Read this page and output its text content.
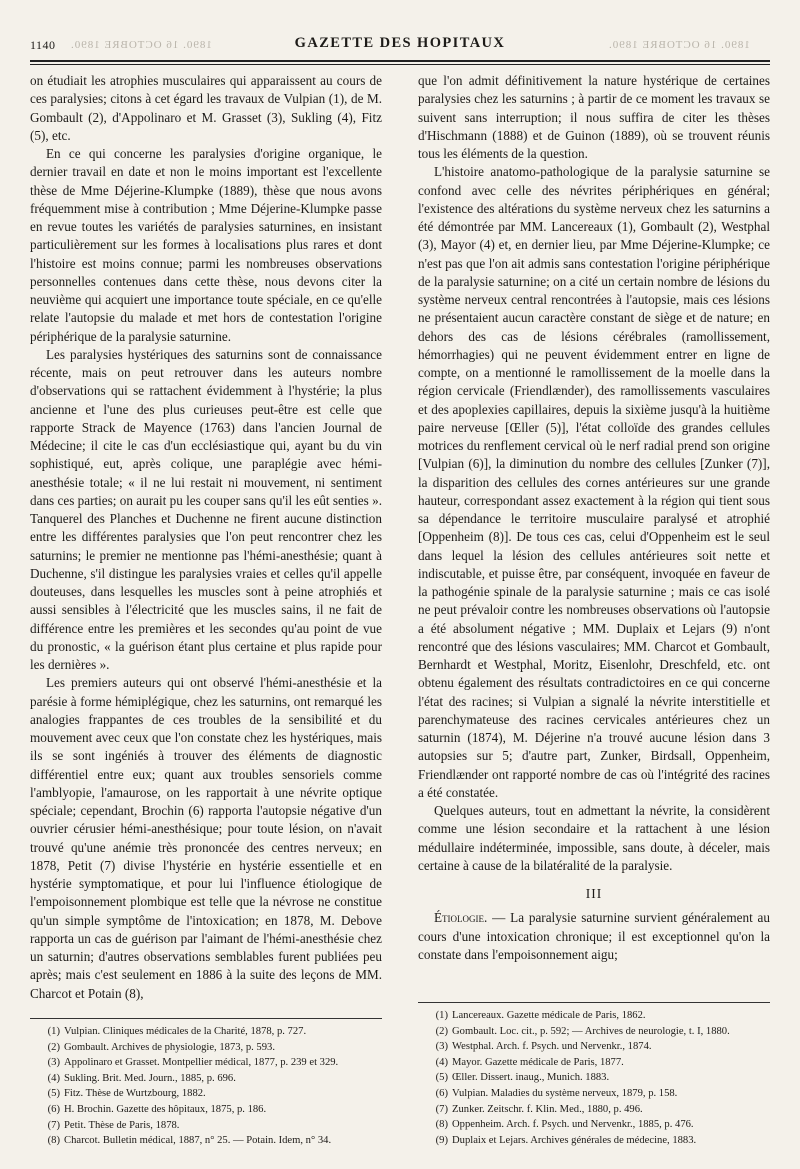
1140 1890. 16 OCTOBRE 1890.	GAZETTE DES HOPITAUX	1890. 16 OCTOBRE 1890.

on étudiait les atrophies musculaires qui apparaissent au cours de ces paralysies; citons à cet égard les travaux de Vulpian (1), de M. Gombault (2), d'Appolinaro et M. Grasset (3), Sukling (4), Fitz (5), etc.

En ce qui concerne les paralysies d'origine organique, le dernier travail en date et non le moins important est l'excellente thèse de Mme Déjerine-Klumpke (1889), thèse que nous avons fréquemment mise à contribution ; Mme Déjerine-Klumpke passe en revue toutes les variétés de paralysies saturnines, en insistant particulièrement sur les formes à localisations plus rares et dont l'histoire est moins connue; parmi les nombreuses observations personnelles contenues dans cette thèse, nous devons citer la neuvième qui acquiert une importance toute spéciale, en ce qu'elle relate l'autopsie du malade et met hors de contestation l'origine périphérique de la paralysie saturnine.

Les paralysies hystériques des saturnins sont de connaissance récente, mais on peut retrouver dans les auteurs nombre d'observations qui se rattachent évidemment à l'hystérie; la plus ancienne et l'une des plus curieuses peut-être est celle que rapporte Strack de Mayence (1763) dans l'ancien Journal de Médecine; il cite le cas d'un ecclésiastique qui, ayant bu du vin sophistiqué, eut, après colique, une paraplégie avec hémi-anesthésie totale; « il ne lui restait ni mouvement, ni sentiment dans ces parties; on aurait pu les couper sans qu'il les eût senties ». Tanquerel des Planches et Duchenne ne firent aucune distinction entre les différentes paralysies que l'on peut rencontrer chez les saturnins; le premier ne mentionne pas l'hémi-anesthésie; quant à Duchenne, s'il distingue les paralysies vraies et celles qu'il appelle douteuses, dans lesquelles les muscles sont à peine atrophiés et aussi sensibles à l'électricité que les muscles sains, il ne fait de différence entre les premières et les secondes qu'au point de vue du pronostic, « la guérison étant plus certaine et plus rapide pour les dernières ».

Les premiers auteurs qui ont observé l'hémi-anesthésie et la parésie à forme hémiplégique, chez les saturnins, ont remarqué les analogies frappantes de ces troubles de la sensibilité et du mouvement avec ceux que l'on constate chez les hystériques, mais ils se sont ingéniés à trouver des éléments de diagnostic différentiel entre eux; quant aux troubles sensoriels comme l'amblyopie, l'amaurose, on les rapportait à une névrite optique spéciale; cependant, Brochin (6) rapporta l'autopsie négative d'un ouvrier cérusier hémi-anesthésique; pour toute lésion, on n'avait trouvé qu'une anémie très prononcée des centres nerveux; en 1878, Petit (7) divise l'hystérie en hystérie essentielle et en hystérie symptomatique, et pour lui l'influence étiologique de l'empoisonnement plombique est telle que la névrose ne constitue qu'un simple symptôme de l'intoxication; en 1878, M. Debove rapporta un cas de guérison par l'aimant de l'hémi-anesthésie chez un saturnin; d'autres observations semblables furent publiées peu après; mais c'est seulement en 1886 à la suite des leçons de MM. Charcot et Potain (8),

que l'on admit définitivement la nature hystérique de certaines paralysies chez les saturnins ; à partir de ce moment les travaux se suivent sans interruption; il nous suffira de citer les thèses d'Hischmann (1888) et de Guinon (1889), où se trouvent réunis tous les éléments de la question.

L'histoire anatomo-pathologique de la paralysie saturnine se confond avec celle des névrites périphériques en général; l'existence des altérations du système nerveux chez les saturnins a été démontrée par MM. Lancereaux (1), Gombault (2), Westphal (3), Mayor (4) et, en dernier lieu, par Mme Déjerine-Klumpke; ce n'est pas que l'on ait admis sans contestation l'origine périphérique de la paralysie saturnine; on a cité un certain nombre de lésions du système nerveux central rencontrées à l'autopsie, mais ces lésions ne présentaient aucun caractère constant de siège et de nature; en dehors des cas de lésions cérébrales (ramollissement, hémorrhagies) qui ne peuvent évidemment entrer en ligne de compte, on a mentionné le ramollissement de la moelle dans la région cervicale (Friendlænder), des ramollissements vasculaires et des apoplexies capillaires, depuis la sixième jusqu'à la huitième paire nerveuse [Œller (5)], l'état colloïde des grandes cellules motrices du renflement cervical où le nerf radial prend son origine [Vulpian (6)], la diminution du nombre des cellules [Zunker (7)], la disparition des cellules des cornes antérieures sur une grande hauteur, correspondant assez exactement à la région qui tient sous sa dépendance le territoire musculaire paralysé et atrophié [Oppenheim (8)]. De tous ces cas, celui d'Oppenheim est le seul dans lequel la lésion des cellules antérieures soit nette et indiscutable, et puisse être, par conséquent, invoquée en faveur de la pathogénie spinale de la paralysie saturnine ; mais ce cas isolé ne peut prévaloir contre les nombreuses observations où l'autopsie a été absolument négative ; MM. Duplaix et Lejars (9) n'ont rencontré que des lésions vasculaires; MM. Charcot et Gombault, Bernhardt et Westphal, Moritz, Eisenlohr, Dreschfeld, etc. ont obtenu également des résultats contradictoires en ce qui concerne l'état des racines; si Vulpian a signalé la névrite interstitielle et parenchymateuse des racines cervicales antérieures chez un saturnin (1874), M. Déjerine n'a trouvé aucune lésion dans 3 autopsies sur 5; d'autre part, Zunker, Birdsall, Oppenheim, Friendlænder ont rapporté nombre de cas où l'intégrité des racines a été constatée.

Quelques auteurs, tout en admettant la névrite, la considèrent comme une lésion secondaire et la rattachent à une lésion médullaire indéterminée, impossible, sans doute, à déceler, mais certaine à cause de la bilatéralité de la paralysie.

III

Étiologie. — La paralysie saturnine survient généralement au cours d'une intoxication chronique; il est exceptionnel qu'on la constate dans l'empoisonnement aigu;

(1) Vulpian. Cliniques médicales de la Charité, 1878, p. 727.
(2) Gombault. Archives de physiologie, 1873, p. 593.
(3) Appolinaro et Grasset. Montpellier médical, 1877, p. 239 et 329.
(4) Sukling. Brit. Med. Journ., 1885, p. 696.
(5) Fitz. Thèse de Wurtzbourg, 1882.
(6) H. Brochin. Gazette des hôpitaux, 1875, p. 186.
(7) Petit. Thèse de Paris, 1878.
(8) Charcot. Bulletin médical, 1887, n° 25. — Potain. Idem, n° 34.
(1) Lancereaux. Gazette médicale de Paris, 1862.
(2) Gombault. Loc. cit., p. 592; — Archives de neurologie, t. I, 1880.
(3) Westphal. Arch. f. Psych. und Nervenkr., 1874.
(4) Mayor. Gazette médicale de Paris, 1877.
(5) Œller. Dissert. inaug., Munich. 1883.
(6) Vulpian. Maladies du système nerveux, 1879, p. 158.
(7) Zunker. Zeitschr. f. Klin. Med., 1880, p. 496.
(8) Oppenheim. Arch. f. Psych. und Nervenkr., 1885, p. 476.
(9) Duplaix et Lejars. Archives générales de médecine, 1883.
